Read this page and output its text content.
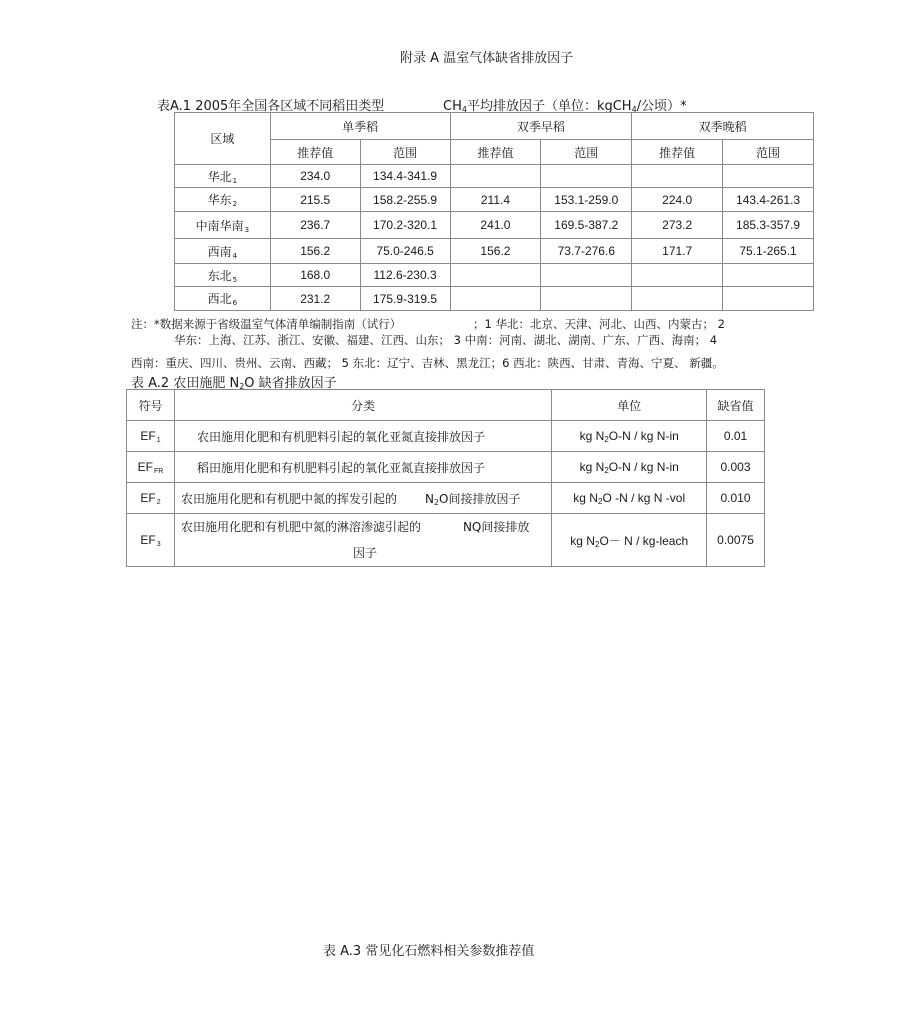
附录 A 温室气体缺省排放因子
表A.1 2005年全国各区域不同稻田类型	$CH_4$平均排放因子（单位：kgCH$_4$/公顷）*
区域	单季稻		双季早稻		双季晚稻	
	推荐值	范围	推荐值	范围	推荐值	范围
华北1	234.0	134.4-341.9				
华东2	215.5	158.2-255.9	211.4	153.1-259.0	224.0	143.4-261.3
中南华南3	236.7	170.2-320.1	241.0	169.5-387.2	273.2	185.3-357.9
西南4	156.2	75.0-246.5	156.2	73.7-276.6	171.7	75.1-265.1
东北5	168.0	112.6-230.3				
西北6	231.2	175.9-319.5				
注：*数据来源于省级温室气体清单编制指南（试行）	；1 华北：北京、天津、河北、山西、内蒙古； 2
华东：上海、江苏、浙江、安徽、福建、江西、山东； 3 中南：河南、湖北、湖南、广东、广西、海南； 4
西南：重庆、四川、贵州、云南、西藏； 5 东北：辽宁、吉林、黑龙江；6 西北：陕西、甘肃、青海、宁夏、 新疆。
表 A.2 农田施肥 $N_2O$ 缺省排放因子
符号	分类	单位	缺省值
EF1	农田施用化肥和有机肥料引起的氧化亚氮直接排放因子	kg $N_2O-N$ / kg N-in	0.01
EFFR	稻田施用化肥和有机肥料引起的氧化亚氮直接排放因子	kg $N_2O-N$ / kg N-in	0.003
EF2	农田施用化肥和有机肥中氮的挥发引起的 $N_2O$间接排放因子	kg $N_2O$ -N / kg N -vol	0.010
EF3	农田施用化肥和有机肥中氮的淋溶渗滤引起的 NQ间接排放
因子	kg $N_2O- N$ / kg-leach	0.0075
表 A.3 常见化石燃料相关参数推荐值
